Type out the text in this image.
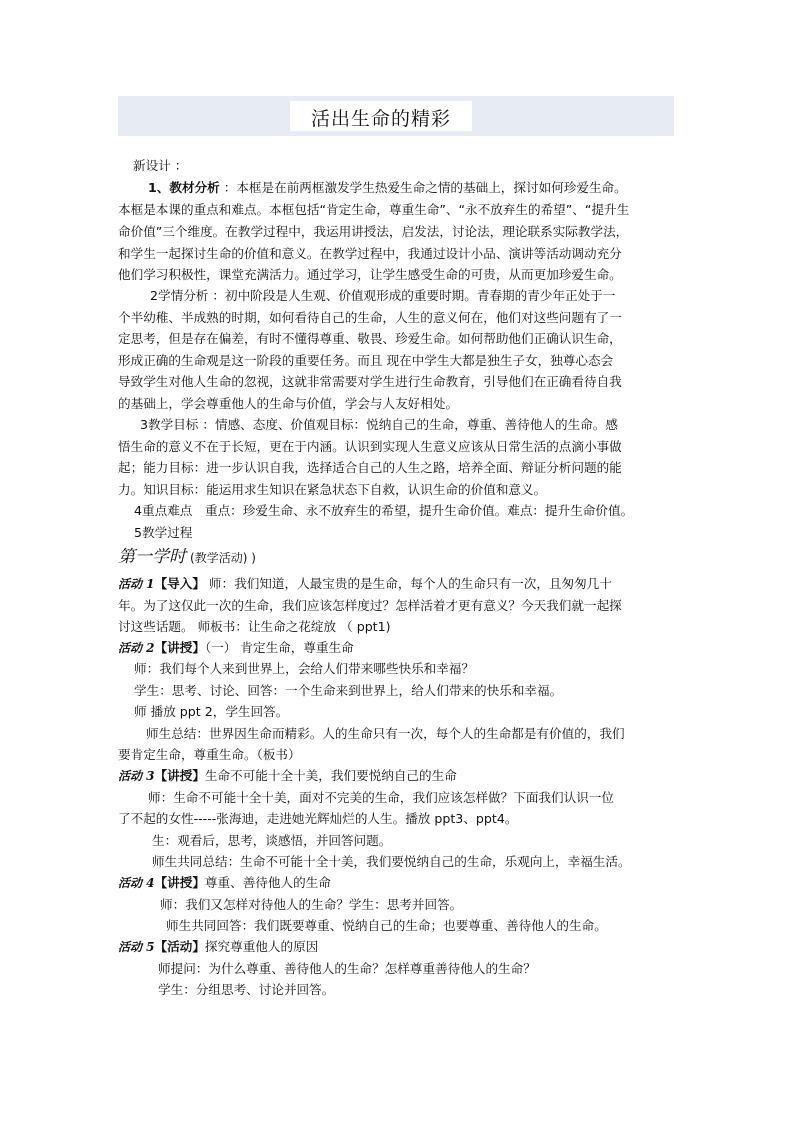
活出生命的精彩
新设计 ：
1、教材分析 ：本框是在前两框激发学生热爱生命之情的基础上，探讨如何珍爱生命。
本框是本课的重点和难点。本框包括“肯定生命，尊重生命”、“永不放弃生的希望”、“提升生
命价值”三个维度。在教学过程中，我运用讲授法，启发法，讨论法，理论联系实际教学法，
和学生一起探讨生命的价值和意义。在教学过程中，我通过设计小品、演讲等活动调动充分
他们学习积极性，课堂充满活力。通过学习，让学生感受生命的可贵，从而更加珍爱生命。
2学情分析 ：初中阶段是人生观、价值观形成的重要时期。青春期的青少年正处于一
个半幼稚、半成熟的时期，如何看待自己的生命，人生的意义何在，他们对这些问题有了一
定思考，但是存在偏差，有时不懂得尊重、敬畏、珍爱生命。如何帮助他们正确认识生命，
形成正确的生命观是这一阶段的重要任务。而且 现在中学生大都是独生子女，独尊心态会
导致学生对他人生命的忽视，这就非常需要对学生进行生命教育，引导他们在正确看待自我
的基础上，学会尊重他人的生命与价值，学会与人友好相处。
3教学目标 ：情感、态度、价值观目标：悦纳自己的生命，尊重、善待他人的生命。感
悟生命的意义不在于长短，更在于内涵。认识到实现人生意义应该从日常生活的点滴小事做
起；能力目标：进一步认识自我，选择适合自己的人生之路，培养全面、辩证分析问题的能
力。知识目标：能运用求生知识在紧急状态下自救，认识生命的价值和意义。
4重点难点　重点：珍爱生命、永不放弃生的希望，提升生命价值。难点：提升生命价值。
5教学过程
第一学时 (教学活动) )
活动 1【导入】 师：我们知道，人最宝贵的是生命，每个人的生命只有一次，且匆匆几十
年。为了这仅此一次的生命，我们应该怎样度过？怎样活着才更有意义？今天我们就一起探
讨这些话题。 师板书：让生命之花绽放 （ ppt1)
活动 2【讲授】（一） 肯定生命，尊重生命
师：我们每个人来到世界上，会给人们带来哪些快乐和幸福？
学生：思考、讨论、回答：一个生命来到世界上，给人们带来的快乐和幸福。
师 播放 ppt 2，学生回答。
师生总结：世界因生命而精彩。人的生命只有一次，每个人的生命都是有价值的，我们
要肯定生命，尊重生命。（板书）
活动 3【讲授】生命不可能十全十美，我们要悦纳自己的生命
师：生命不可能十全十美，面对不完美的生命，我们应该怎样做？下面我们认识一位
了不起的女性-----张海迪，走进她光辉灿烂的人生。播放 ppt3、ppt4。
生：观看后，思考，谈感悟，并回答问题。
师生共同总结：生命不可能十全十美，我们要悦纳自己的生命，乐观向上，幸福生活。
活动 4【讲授】尊重、善待他人的生命
师：我们又怎样对待他人的生命？学生：思考并回答。
师生共同回答：我们既要尊重、悦纳自己的生命；也要尊重、善待他人的生命。
活动 5【活动】探究尊重他人的原因
师提问：为什么尊重、善待他人的生命？怎样尊重善待他人的生命？
学生：分组思考、讨论并回答。
